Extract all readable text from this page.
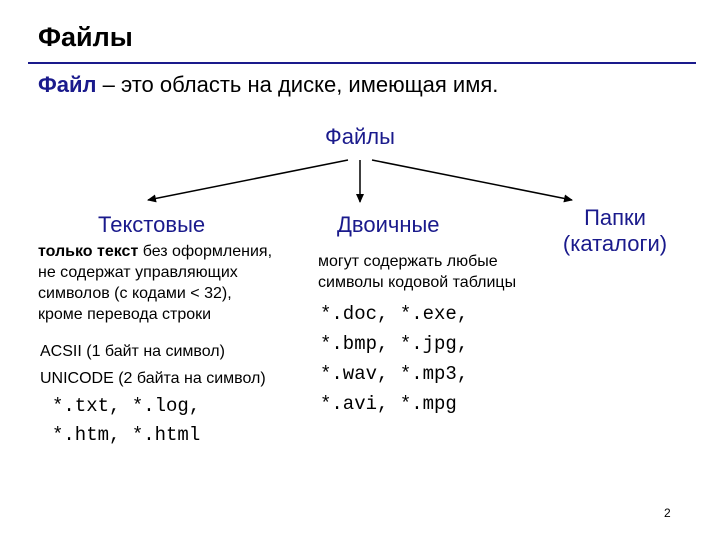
Файлы
Файл – это область на диске, имеющая имя.
Файлы
Текстовые
только текст без оформления,
не содержат управляющих
символов (с кодами < 32),
кроме перевода строки
ACSII (1 байт на символ)
UNICODE (2 байта на символ)
*.txt, *.log,
*.htm, *.html
Двоичные
могут содержать любые
символы кодовой таблицы
*.doc, *.exe,
*.bmp, *.jpg,
*.wav, *.mp3,
*.avi, *.mpg
Папки
(каталоги)
2
